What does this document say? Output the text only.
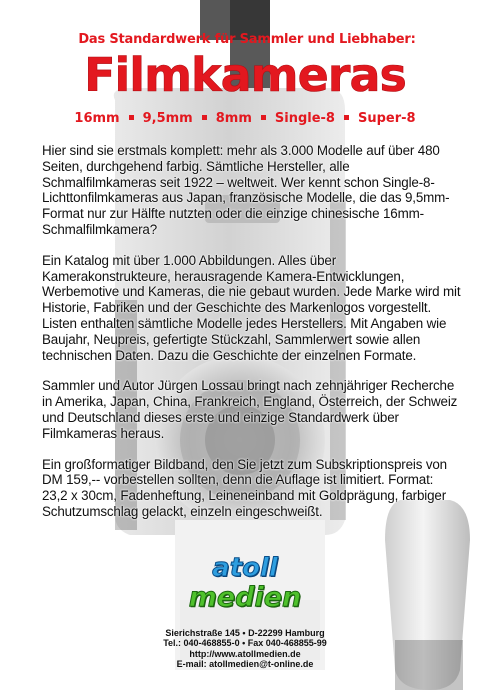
Das Standardwerk für Sammler und Liebhaber:
Filmkameras
16mm 9,5mm 8mm Single-8 Super-8

Hier sind sie erstmals komplett: mehr als 3.000 Modelle auf über 480 Seiten, durchgehend farbig. Sämtliche Hersteller, alle Schmalfilmkameras seit 1922 – weltweit. Wer kennt schon Single-8-Lichttonfilmkameras aus Japan, französische Modelle, die das 9,5mm-Format nur zur Hälfte nutzten oder die einzige chinesische 16mm-Schmalfilmkamera?

Ein Katalog mit über 1.000 Abbildungen. Alles über Kamerakonstrukteure, herausragende Kamera-Entwicklungen, Werbemotive und Kameras, die nie gebaut wurden. Jede Marke wird mit Historie, Fabriken und der Geschichte des Markenlogos vorgestellt. Listen enthalten sämtliche Modelle jedes Herstellers. Mit Angaben wie Baujahr, Neupreis, gefertigte Stückzahl, Sammlerwert sowie allen technischen Daten. Dazu die Geschichte der einzelnen Formate.

Sammler und Autor Jürgen Lossau bringt nach zehnjähriger Recherche in Amerika, Japan, China, Frankreich, England, Österreich, der Schweiz und Deutschland dieses erste und einzige Standardwerk über Filmkameras heraus.

Ein großformatiger Bildband, den Sie jetzt zum Subskriptionspreis von DM 159,-- vorbestellen sollten, denn die Auflage ist limitiert. Format: 23,2 x 30cm, Fadenheftung, Leineneinband mit Goldprägung, farbiger Schutzumschlag gelackt, einzeln eingeschweißt.

atoll
medien
Sierichstraße 145 • D-22299 Hamburg
Tel.: 040-468855-0 • Fax 040-468855-99
http://www.atollmedien.de
E-mail: atollmedien@t-online.de
